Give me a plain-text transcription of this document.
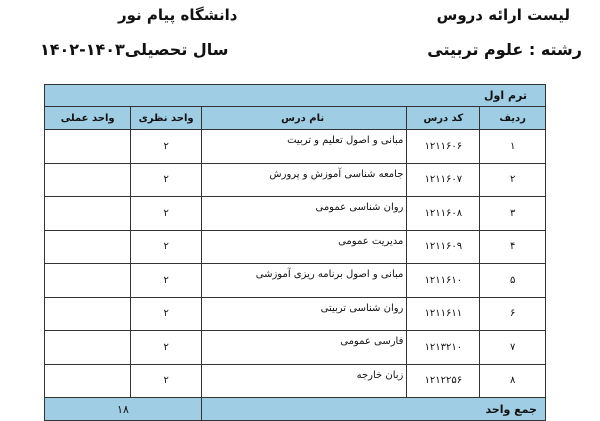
لیست ارائه دروس
دانشگاه پیام نور
رشته : علوم تربیتی
سال تحصیلی۱۴۰۳-۱۴۰۲
ترم اول				
ردیف	کد درس	نام درس	واحد نظری	واحد عملی
۱	۱۲۱۱۶۰۶	مبانی و اصول تعلیم و تربیت	۲	
۲	۱۲۱۱۶۰۷	جامعه شناسی آموزش و پرورش	۲	
۳	۱۲۱۱۶۰۸	روان شناسی عمومی	۲	
۴	۱۲۱۱۶۰۹	مدیریت عمومی	۲	
۵	۱۲۱۱۶۱۰	مبانی و اصول برنامه ریزی آموزشی	۲	
۶	۱۲۱۱۶۱۱	روان شناسی تربیتی	۲	
۷	۱۲۱۳۲۱۰	فارسی عمومی	۲	
۸	۱۲۱۲۲۵۶	زبان خارجه	۲	
جمع واحد			۱۸	
